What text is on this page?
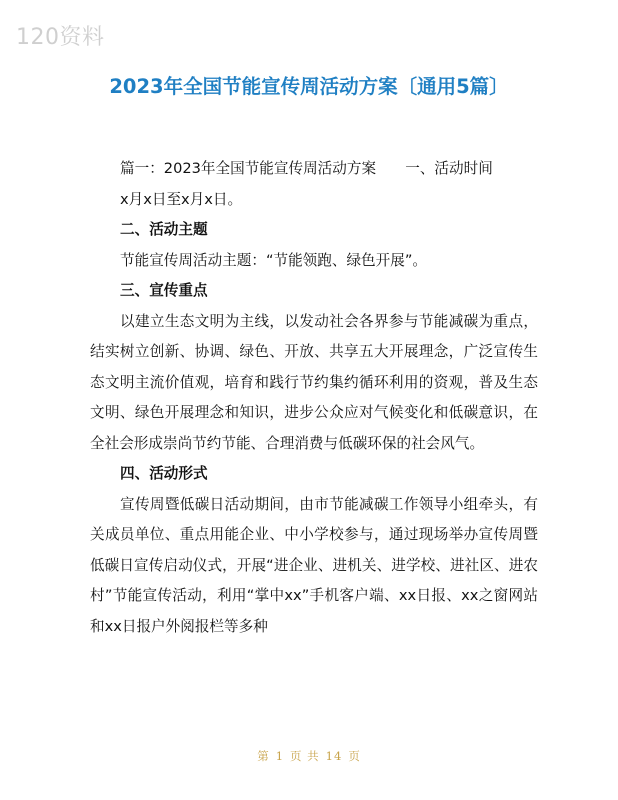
120资料
2023年全国节能宣传周活动方案〔通用5篇〕

篇一：2023年全国节能宣传周活动方案　　一、活动时间

x月x日至x月x日。

二、活动主题

节能宣传周活动主题：“节能领跑、绿色开展”。

三、宣传重点

以建立生态文明为主线，以发动社会各界参与节能减碳为重点，结实树立创新、协调、绿色、开放、共享五大开展理念，广泛宣传生态文明主流价值观，培育和践行节约集约循环利用的资观，普及生态文明、绿色开展理念和知识，进步公众应对气候变化和低碳意识，在全社会形成崇尚节约节能、合理消费与低碳环保的社会风气。

四、活动形式

宣传周暨低碳日活动期间，由市节能减碳工作领导小组牵头，有关成员单位、重点用能企业、中小学校参与，通过现场举办宣传周暨低碳日宣传启动仪式，开展“进企业、进机关、进学校、进社区、进农村”节能宣传活动，利用“掌中xx”手机客户端、xx日报、xx之窗网站和xx日报户外阅报栏等多种

第 1 页 共 14 页
